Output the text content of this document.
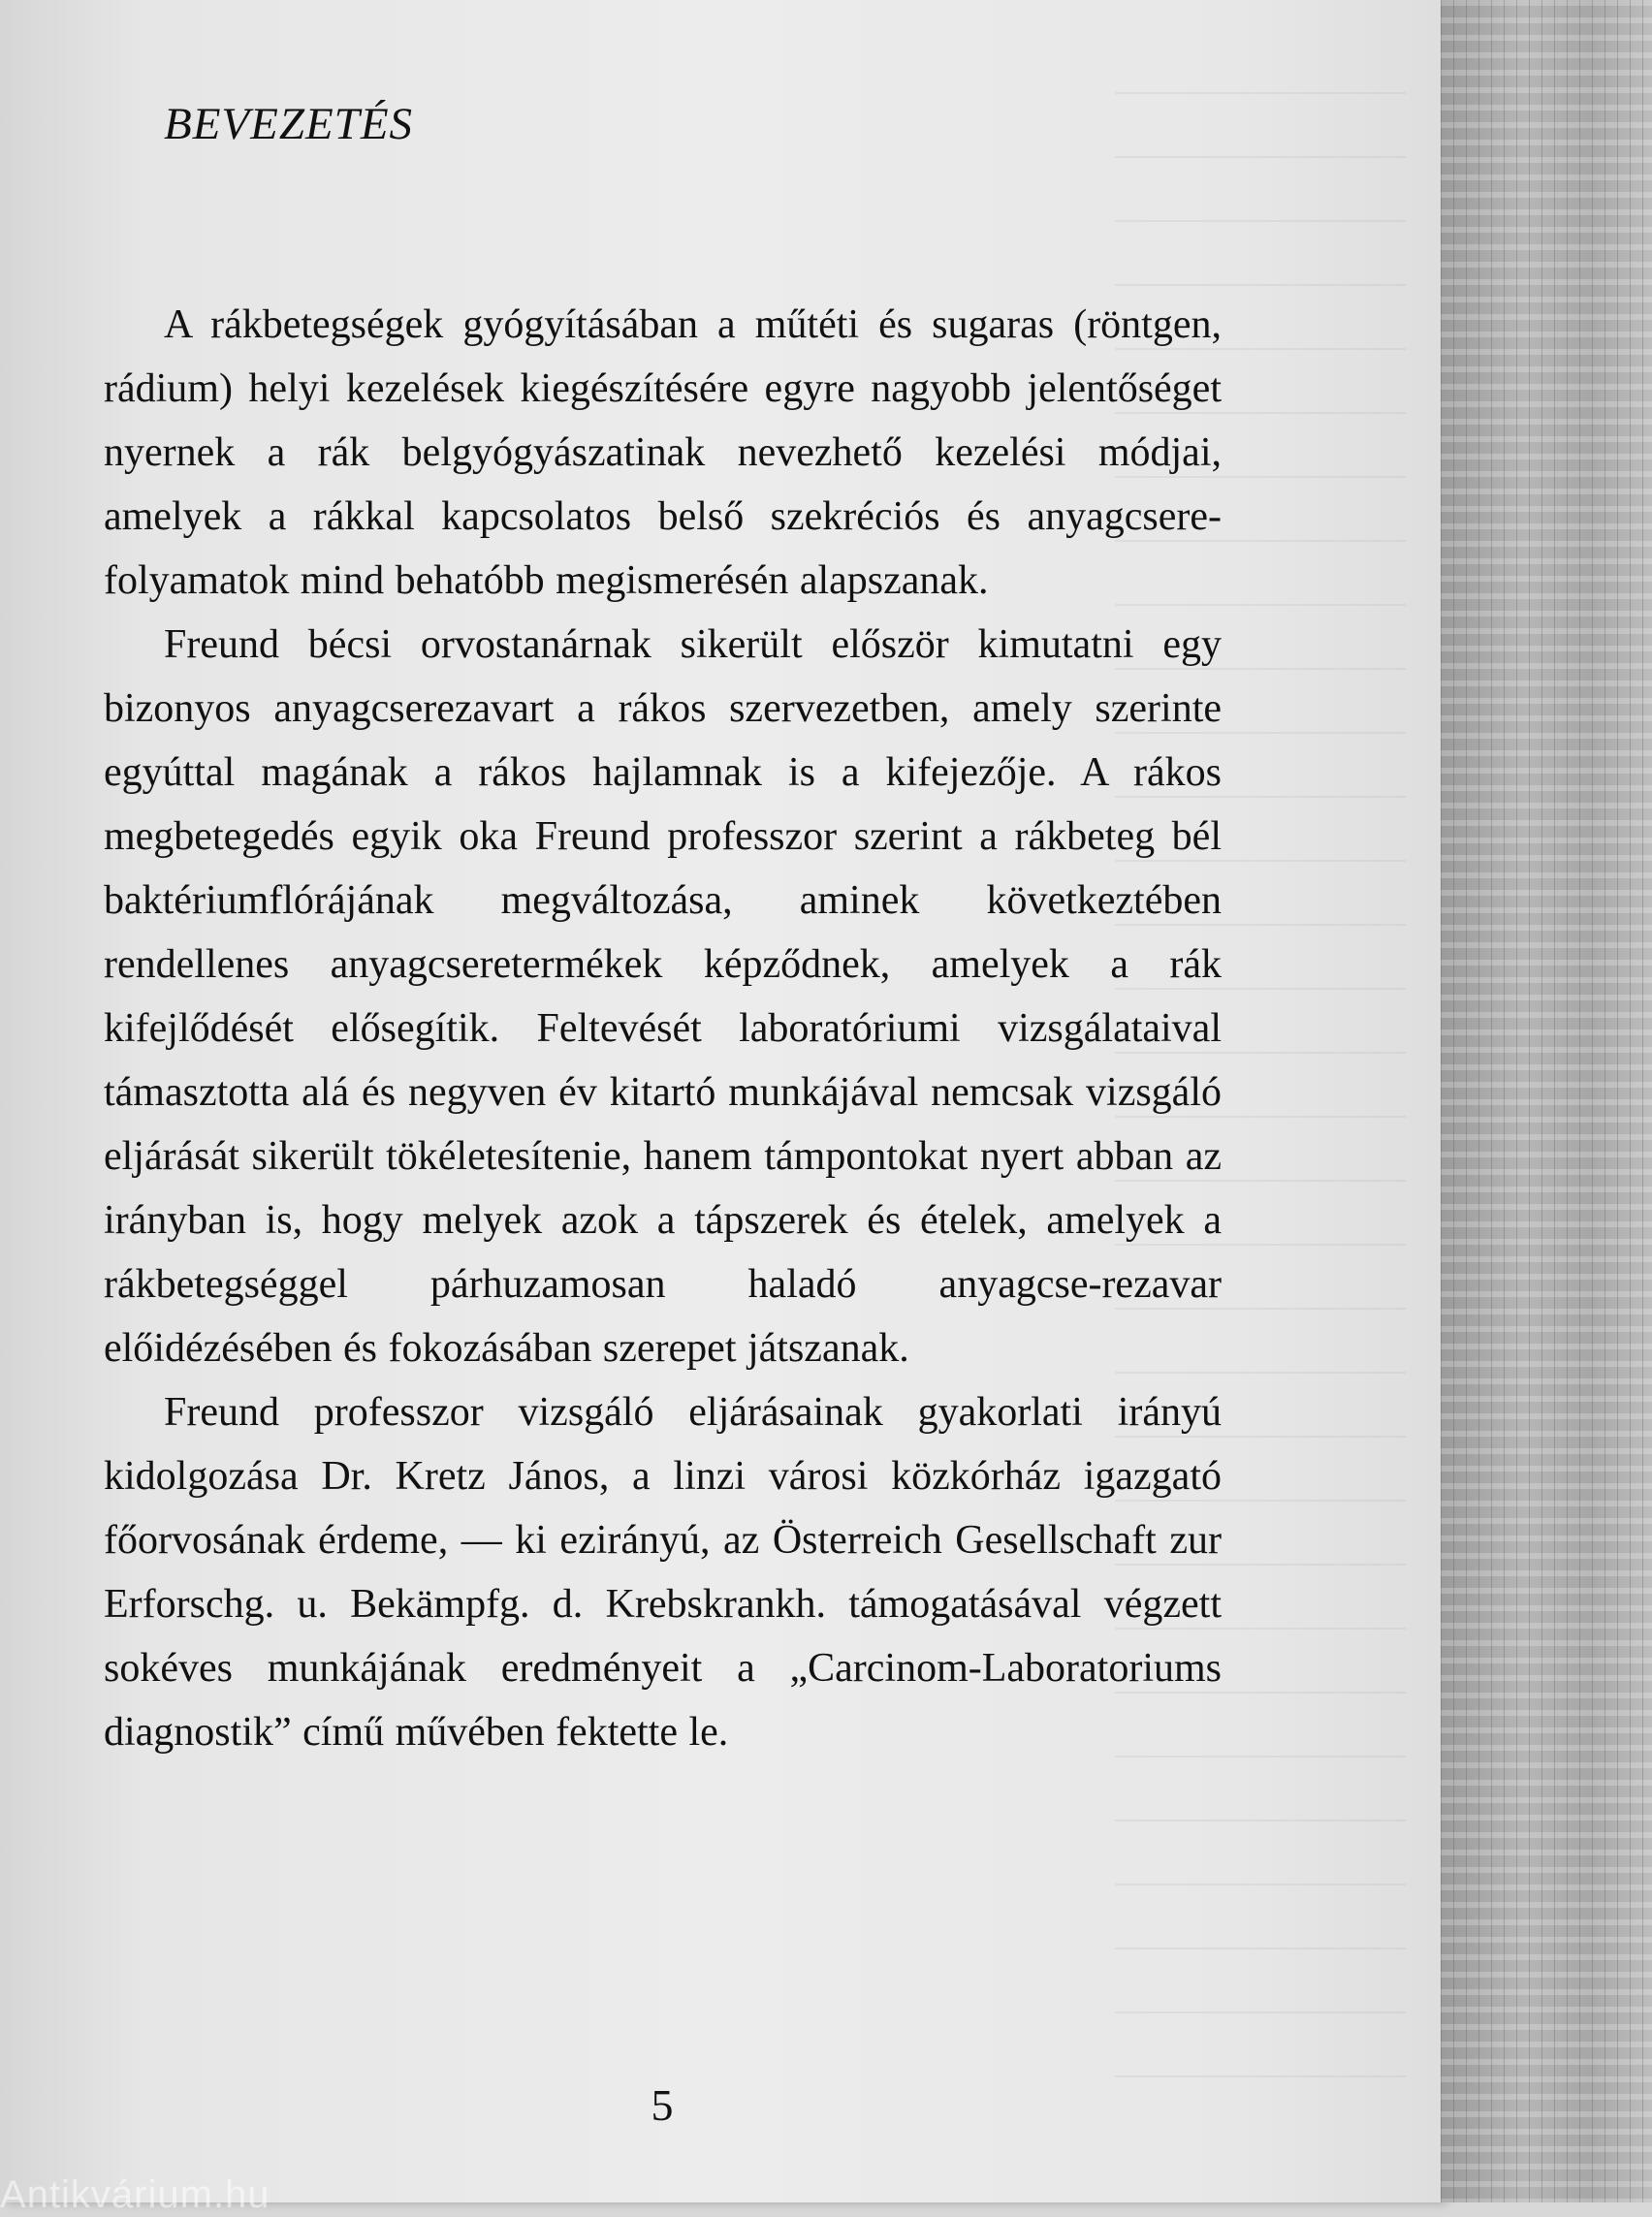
BEVEZETÉS

A rákbetegségek gyógyításában a műtéti és sugaras (röntgen, rádium) helyi kezelések kiegészítésére egyre nagyobb jelentőséget nyernek a rák belgyógyászatinak nevezhető kezelési módjai, amelyek a rákkal kapcsolatos belső szekréciós és anyagcsere-folyamatok mind behatóbb megismerésén alapszanak.

Freund bécsi orvostanárnak sikerült először kimutatni egy bizonyos anyagcserezavart a rákos szervezetben, amely szerinte egyúttal magának a rákos hajlamnak is a kifejezője. A rákos megbetegedés egyik oka Freund professzor szerint a rákbeteg bél baktériumflórájának megváltozása, aminek következtében rendellenes anyagcseretermékek képződnek, amelyek a rák kifejlődését elősegítik. Feltevését laboratóriumi vizsgálataival támasztotta alá és negyven év kitartó munkájával nemcsak vizsgáló eljárását sikerült tökéletesítenie, hanem támpontokat nyert abban az irányban is, hogy melyek azok a tápszerek és ételek, amelyek a rákbetegséggel párhuzamosan haladó anyagcse-rezavar előidézésében és fokozásában szerepet játszanak.

Freund professzor vizsgáló eljárásainak gyakorlati irányú kidolgozása Dr. Kretz János, a linzi városi közkórház igazgató főorvosának érdeme, — ki ezirányú, az Österreich Gesellschaft zur Erforschg. u. Bekämpfg. d. Krebskrankh. támogatásával végzett sokéves munkájának eredményeit a „Carcinom-Laboratoriums diagnostik” című művében fektette le.

5
Antikvárium.hu
